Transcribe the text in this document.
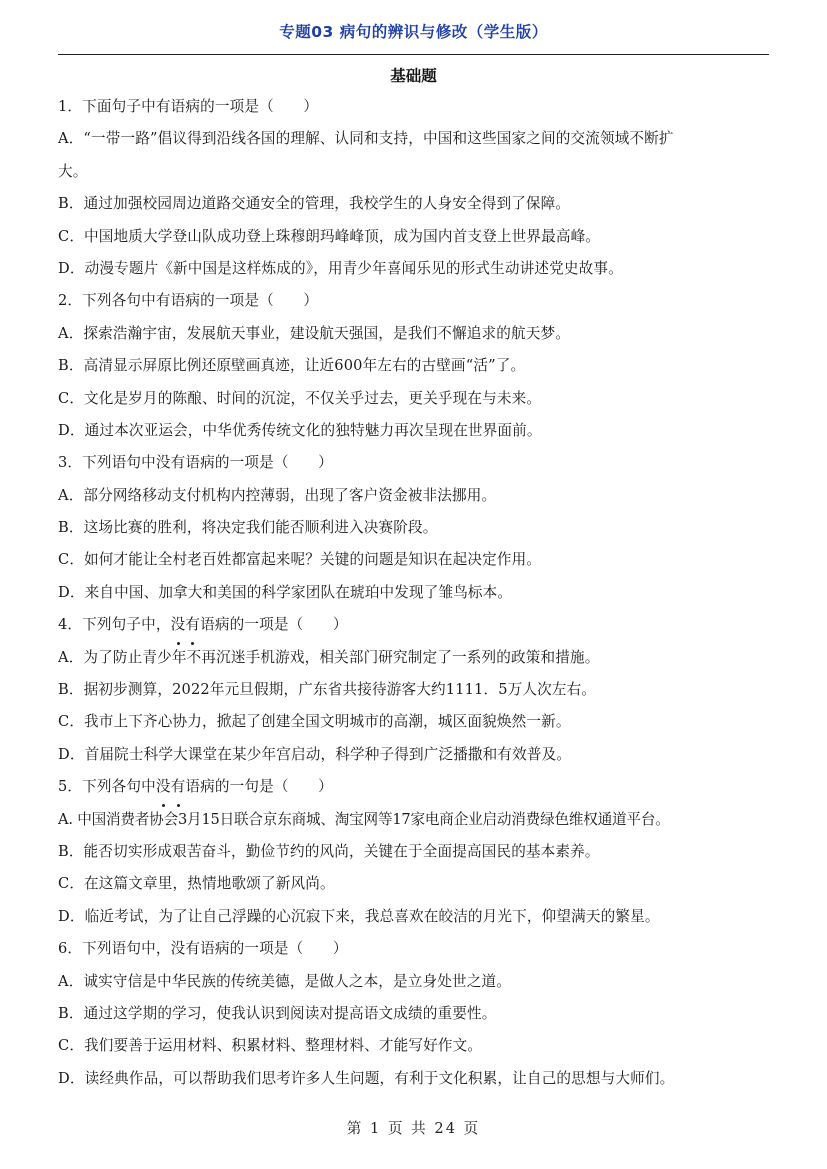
专题03 病句的辨识与修改（学生版）
基础题
1．下面句子中有语病的一项是（　　）
A．“一带一路”倡议得到沿线各国的理解、认同和支持，中国和这些国家之间的交流领域不断扩
大。
B．通过加强校园周边道路交通安全的管理，我校学生的人身安全得到了保障。
C．中国地质大学登山队成功登上珠穆朗玛峰峰顶，成为国内首支登上世界最高峰。
D．动漫专题片《新中国是这样炼成的》，用青少年喜闻乐见的形式生动讲述党史故事。
2．下列各句中有语病的一项是（　　）
A．探索浩瀚宇宙，发展航天事业，建设航天强国，是我们不懈追求的航天梦。
B．高清显示屏原比例还原壁画真迹，让近600年左右的古壁画“活”了。
C．文化是岁月的陈酿、时间的沉淀，不仅关乎过去，更关乎现在与未来。
D．通过本次亚运会，中华优秀传统文化的独特魅力再次呈现在世界面前。
3．下列语句中没有语病的一项是（　　）
A．部分网络移动支付机构内控薄弱，出现了客户资金被非法挪用。
B．这场比赛的胜利，将决定我们能否顺利进入决赛阶段。
C．如何才能让全村老百姓都富起来呢？关键的问题是知识在起决定作用。
D．来自中国、加拿大和美国的科学家团队在琥珀中发现了雏鸟标本。
4．下列句子中，没有语病的一项是（　　）
A．为了防止青少年不再沉迷手机游戏，相关部门研究制定了一系列的政策和措施。
B．据初步测算，2022年元旦假期，广东省共接待游客大约1111．5万人次左右。
C．我市上下齐心协力，掀起了创建全国文明城市的高潮，城区面貌焕然一新。
D．首届院士科学大课堂在某少年宫启动，科学种子得到广泛播撒和有效普及。
5．下列各句中没有语病的一句是（　　）
A. 中国消费者协会3月15日联合京东商城、淘宝网等17家电商企业启动消费绿色维权通道平台。
B．能否切实形成艰苦奋斗，勤俭节约的风尚，关键在于全面提高国民的基本素养。
C．在这篇文章里，热情地歌颂了新风尚。
D．临近考试，为了让自己浮躁的心沉寂下来，我总喜欢在皎洁的月光下，仰望满天的繁星。
6．下列语句中，没有语病的一项是（　　）
A．诚实守信是中华民族的传统美德，是做人之本，是立身处世之道。
B．通过这学期的学习，使我认识到阅读对提高语文成绩的重要性。
C．我们要善于运用材料、积累材料、整理材料、才能写好作文。
D．读经典作品，可以帮助我们思考许多人生问题，有利于文化积累，让自己的思想与大师们。
第 1 页 共 24 页
